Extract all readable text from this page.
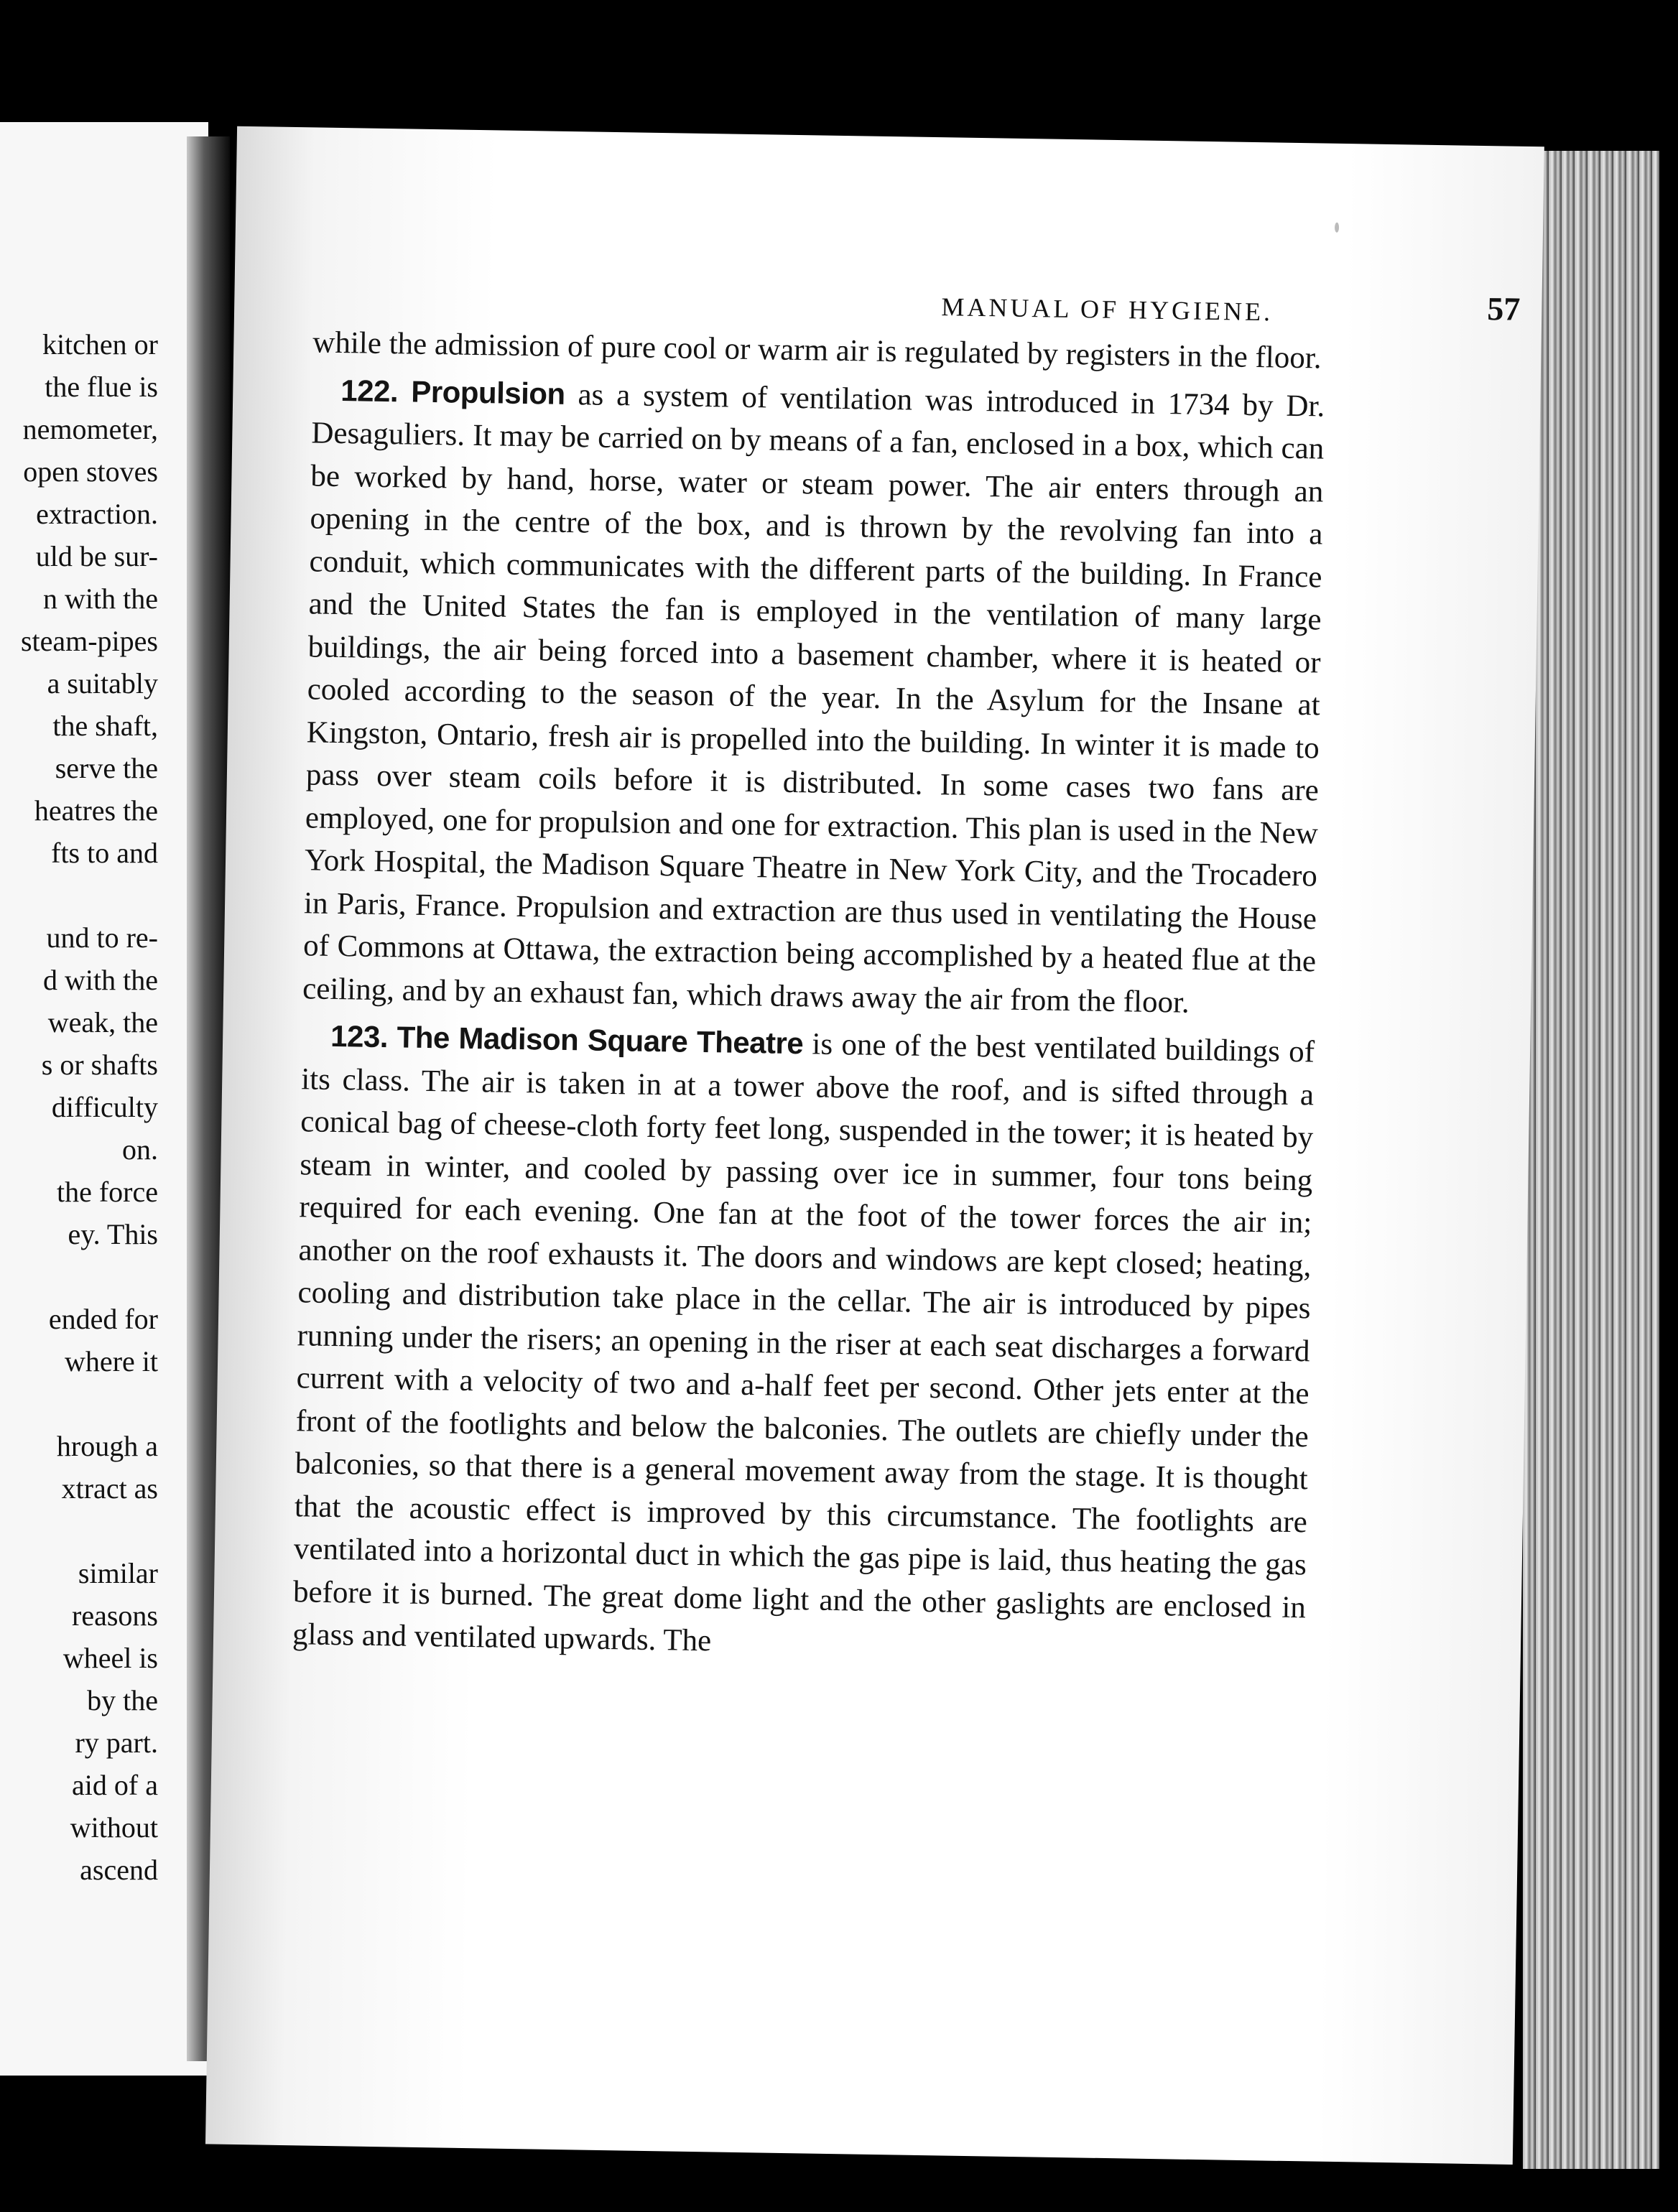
kitchen or
the flue is
nemometer,
open stoves
extraction.
uld be sur-
n with the
steam-pipes
a suitably
the shaft,
serve the
heatres the
fts to and
und to re-
d with the
weak, the
s or shafts
difficulty
on.
the force
ey. This
ended for
where it
hrough a
xtract as
similar
reasons
wheel is
by the
ry part.
aid of a
without
ascend
MANUAL OF HYGIENE.	57

while the admission of pure cool or warm air is regulated by registers in the floor.

122. Propulsion as a system of ventilation was introduced in 1734 by Dr. Desaguliers. It may be carried on by means of a fan, enclosed in a box, which can be worked by hand, horse, water or steam power. The air enters through an opening in the centre of the box, and is thrown by the revolving fan into a conduit, which communicates with the different parts of the building. In France and the United States the fan is employed in the ventilation of many large buildings, the air being forced into a basement chamber, where it is heated or cooled according to the season of the year. In the Asylum for the Insane at Kingston, Ontario, fresh air is propelled into the building. In winter it is made to pass over steam coils before it is distributed. In some cases two fans are employed, one for propulsion and one for extraction. This plan is used in the New York Hospital, the Madison Square Theatre in New York City, and the Trocadero in Paris, France. Propulsion and extraction are thus used in ventilating the House of Commons at Ottawa, the extraction being accomplished by a heated flue at the ceiling, and by an exhaust fan, which draws away the air from the floor.

123. The Madison Square Theatre is one of the best ventilated buildings of its class. The air is taken in at a tower above the roof, and is sifted through a conical bag of cheese-cloth forty feet long, suspended in the tower; it is heated by steam in winter, and cooled by passing over ice in summer, four tons being required for each evening. One fan at the foot of the tower forces the air in; another on the roof exhausts it. The doors and windows are kept closed; heating, cooling and distribution take place in the cellar. The air is introduced by pipes running under the risers; an opening in the riser at each seat discharges a forward current with a velocity of two and a-half feet per second. Other jets enter at the front of the footlights and below the balconies. The outlets are chiefly under the balconies, so that there is a general movement away from the stage. It is thought that the acoustic effect is improved by this circumstance. The footlights are ventilated into a horizontal duct in which the gas pipe is laid, thus heating the gas before it is burned. The great dome light and the other gaslights are enclosed in glass and ventilated upwards. The
